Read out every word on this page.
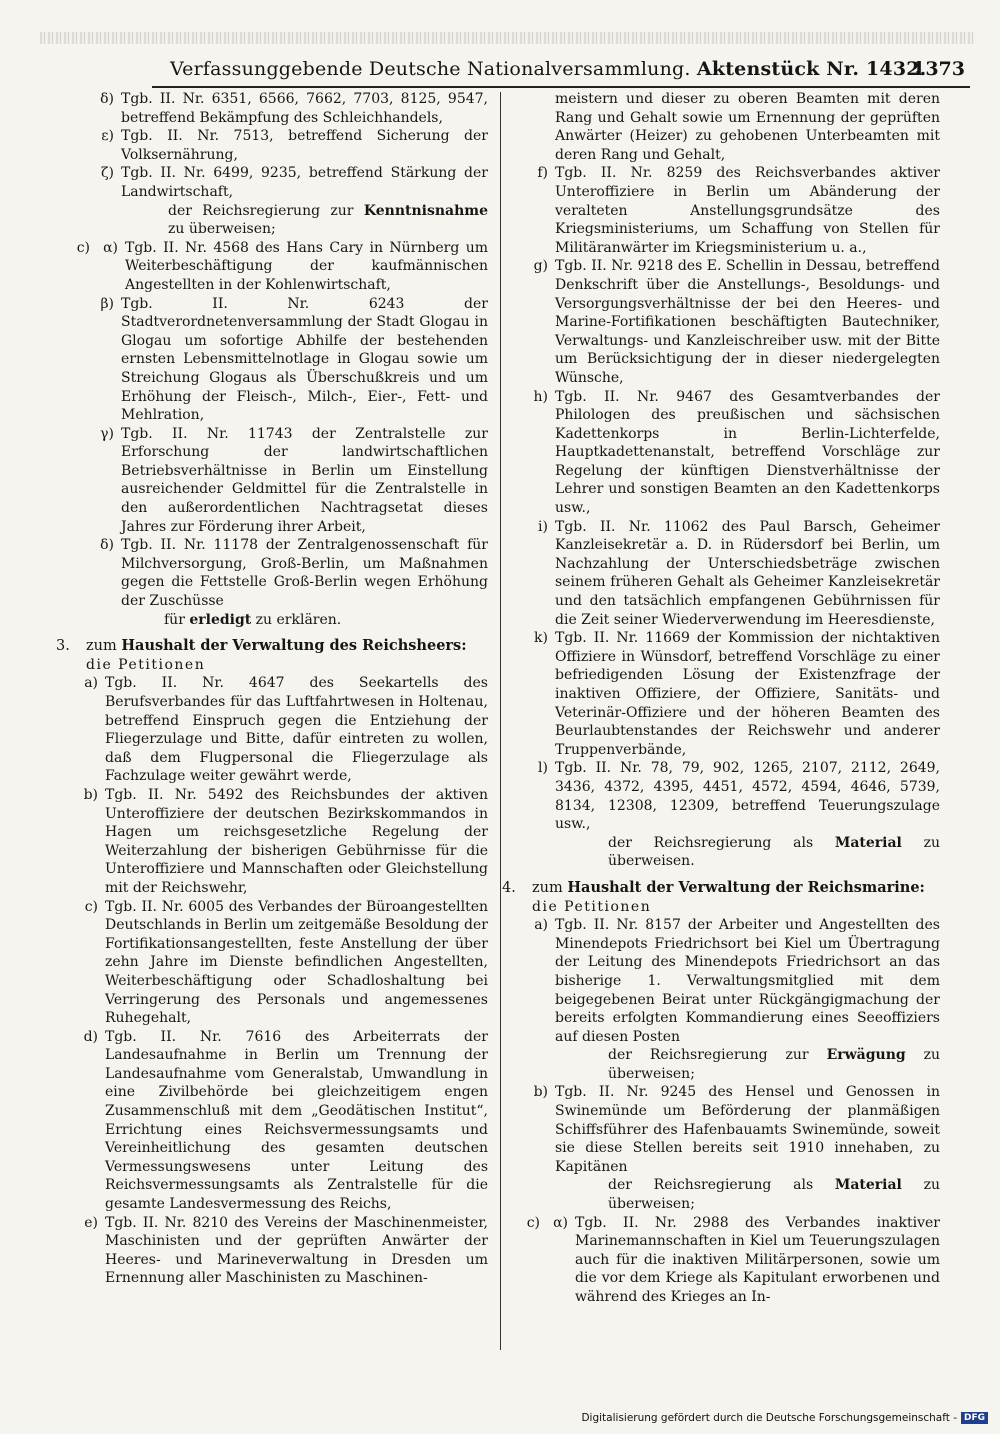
Verfassunggebende Deutsche Nationalversammlung. Aktenstück Nr. 1432.
1373
δ) Tgb. II. Nr. 6351, 6566, 7662, 7703, 8125, 9547, betreffend Bekämpfung des Schleichhandels,
ε) Tgb. II. Nr. 7513, betreffend Sicherung der Volksernährung,
ζ) Tgb. II. Nr. 6499, 9235, betreffend Stärkung der Landwirtschaft,
der Reichsregierung zur Kenntnisnahme zu überweisen;
c) α) Tgb. II. Nr. 4568 des Hans Cary in Nürnberg um Weiterbeschäftigung der kaufmännischen Angestellten in der Kohlenwirtschaft,
β) Tgb. II. Nr. 6243 der Stadtverordnetenversammlung der Stadt Glogau in Glogau um sofortige Abhilfe der bestehenden ernsten Lebensmittelnotlage in Glogau sowie um Streichung Glogaus als Überschußkreis und um Erhöhung der Fleisch-, Milch-, Eier-, Fett- und Mehlration,
γ) Tgb. II. Nr. 11743 der Zentralstelle zur Erforschung der landwirtschaftlichen Betriebsverhältnisse in Berlin um Einstellung ausreichender Geldmittel für die Zentralstelle in den außerordentlichen Nachtragsetat dieses Jahres zur Förderung ihrer Arbeit,
δ) Tgb. II. Nr. 11178 der Zentralgenossenschaft für Milchversorgung, Groß-Berlin, um Maßnahmen gegen die Fettstelle Groß-Berlin wegen Erhöhung der Zuschüsse
für erledigt zu erklären.
3.	zum Haushalt der Verwaltung des Reichsheers:
die Petitionen
a) Tgb. II. Nr. 4647 des Seekartells des Berufsverbandes für das Luftfahrtwesen in Holtenau, betreffend Einspruch gegen die Entziehung der Fliegerzulage und Bitte, dafür eintreten zu wollen, daß dem Flugpersonal die Fliegerzulage als Fachzulage weiter gewährt werde,
b) Tgb. II. Nr. 5492 des Reichsbundes der aktiven Unteroffiziere der deutschen Bezirkskommandos in Hagen um reichsgesetzliche Regelung der Weiterzahlung der bisherigen Gebührnisse für die Unteroffiziere und Mannschaften oder Gleichstellung mit der Reichswehr,
c) Tgb. II. Nr. 6005 des Verbandes der Büroangestellten Deutschlands in Berlin um zeitgemäße Besoldung der Fortifikationsangestellten, feste Anstellung der über zehn Jahre im Dienste befindlichen Angestellten, Weiterbeschäftigung oder Schadloshaltung bei Verringerung des Personals und angemessenes Ruhegehalt,
d) Tgb. II. Nr. 7616 des Arbeiterrats der Landesaufnahme in Berlin um Trennung der Landesaufnahme vom Generalstab, Umwandlung in eine Zivilbehörde bei gleichzeitigem engen Zusammenschluß mit dem „Geodätischen Institut“, Errichtung eines Reichsvermessungsamts und Vereinheitlichung des gesamten deutschen Vermessungswesens unter Leitung des Reichsvermessungsamts als Zentralstelle für die gesamte Landesvermessung des Reichs,
e) Tgb. II. Nr. 8210 des Vereins der Maschinenmeister, Maschinisten und der geprüften Anwärter der Heeres- und Marineverwaltung in Dresden um Ernennung aller Maschinisten zu Maschinen-
meistern und dieser zu oberen Beamten mit deren Rang und Gehalt sowie um Ernennung der geprüften Anwärter (Heizer) zu gehobenen Unterbeamten mit deren Rang und Gehalt,
f) Tgb. II. Nr. 8259 des Reichsverbandes aktiver Unteroffiziere in Berlin um Abänderung der veralteten Anstellungsgrundsätze des Kriegsministeriums, um Schaffung von Stellen für Militäranwärter im Kriegsministerium u. a.,
g) Tgb. II. Nr. 9218 des E. Schellin in Dessau, betreffend Denkschrift über die Anstellungs-, Besoldungs- und Versorgungsverhältnisse der bei den Heeres- und Marine-Fortifikationen beschäftigten Bautechniker, Verwaltungs- und Kanzleischreiber usw. mit der Bitte um Berücksichtigung der in dieser niedergelegten Wünsche,
h) Tgb. II. Nr. 9467 des Gesamtverbandes der Philologen des preußischen und sächsischen Kadettenkorps in Berlin-Lichterfelde, Hauptkadettenanstalt, betreffend Vorschläge zur Regelung der künftigen Dienstverhältnisse der Lehrer und sonstigen Beamten an den Kadettenkorps usw.,
i) Tgb. II. Nr. 11062 des Paul Barsch, Geheimer Kanzleisekretär a. D. in Rüdersdorf bei Berlin, um Nachzahlung der Unterschiedsbeträge zwischen seinem früheren Gehalt als Geheimer Kanzleisekretär und den tatsächlich empfangenen Gebührnissen für die Zeit seiner Wiederverwendung im Heeresdienste,
k) Tgb. II. Nr. 11669 der Kommission der nichtaktiven Offiziere in Wünsdorf, betreffend Vorschläge zu einer befriedigenden Lösung der Existenzfrage der inaktiven Offiziere, der Offiziere, Sanitäts- und Veterinär-Offiziere und der höheren Beamten des Beurlaubtenstandes der Reichswehr und anderer Truppenverbände,
l) Tgb. II. Nr. 78, 79, 902, 1265, 2107, 2112, 2649, 3436, 4372, 4395, 4451, 4572, 4594, 4646, 5739, 8134, 12308, 12309, betreffend Teuerungszulage usw.,
der Reichsregierung als Material zu überweisen.
4.	zum Haushalt der Verwaltung der Reichsmarine:
die Petitionen
a) Tgb. II. Nr. 8157 der Arbeiter und Angestellten des Minendepots Friedrichsort bei Kiel um Übertragung der Leitung des Minendepots Friedrichsort an das bisherige 1. Verwaltungsmitglied mit dem beigegebenen Beirat unter Rückgängigmachung der bereits erfolgten Kommandierung eines Seeoffiziers auf diesen Posten
der Reichsregierung zur Erwägung zu überweisen;
b) Tgb. II. Nr. 9245 des Hensel und Genossen in Swinemünde um Beförderung der planmäßigen Schiffsführer des Hafenbauamts Swinemünde, soweit sie diese Stellen bereits seit 1910 innehaben, zu Kapitänen
der Reichsregierung als Material zu überweisen;
c) α) Tgb. II. Nr. 2988 des Verbandes inaktiver Marinemannschaften in Kiel um Teuerungszulagen auch für die inaktiven Militärpersonen, sowie um die vor dem Kriege als Kapitulant erworbenen und während des Krieges an In-
Digitalisierung gefördert durch die Deutsche Forschungsgemeinschaft - DFG
